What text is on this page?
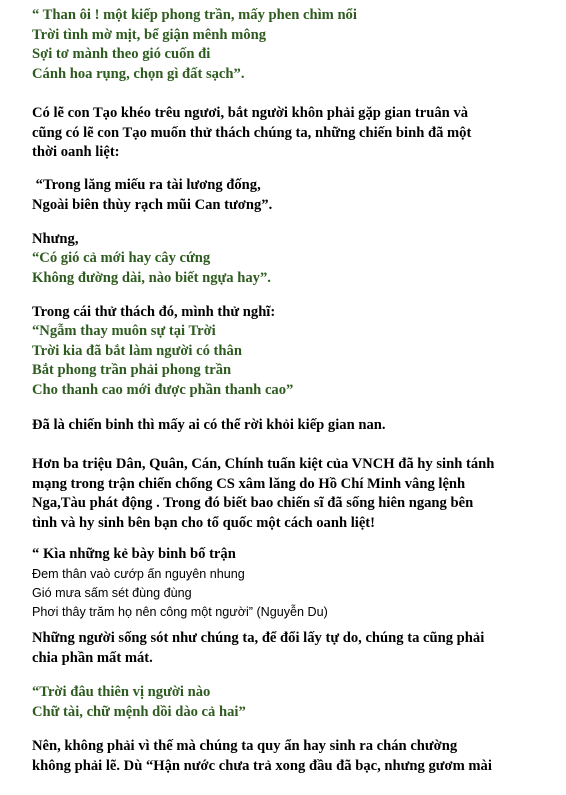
“ Than ôi ! một kiếp phong trần, mấy phen chìm nổi
Trời tình mờ mịt, bể giận mênh mông
Sợi tơ mành theo gió cuốn đi
Cánh hoa rụng, chọn gì đất sạch”.
Có lẽ con Tạo khéo trêu ngươi, bắt người khôn phải gặp gian truân và
cũng có lẽ con Tạo muốn thử thách chúng ta, những chiến binh đã một
thời oanh liệt:
“Trong lăng miếu ra tài lương đống,
Ngoài biên thùy rạch mũi Can tương”.
Nhưng,
“Có gió cả mới hay cây cứng
Không đường dài, nào biết ngựa hay”.
Trong cái thử thách đó, mình thử nghĩ:
“Ngẫm thay muôn sự tại Trời
Trời kia đã bắt làm người có thân
Bắt phong trần phải phong trần
Cho thanh cao mới được phần thanh cao”
Đã là chiến binh thì mấy ai có thể rời khỏi kiếp gian nan.
Hơn ba triệu Dân, Quân, Cán, Chính tuấn kiệt của VNCH đã hy sinh tánh
mạng trong trận chiến chống CS xâm lăng do Hồ Chí Minh vâng lệnh
Nga,Tàu phát động . Trong đó biết bao chiến sĩ đã sống hiên ngang bên
tình và hy sinh bên bạn cho tổ quốc một cách oanh liệt!
“ Kìa những kẻ bày binh bố trận
Đem thân vaò cướp ấn nguyên nhung
Gió mưa sấm sét đùng đùng
Phơi thây trăm họ nên công một người” (Nguyễn Du)
Những người sống sót như chúng ta, để đổi lấy tự do, chúng ta cũng phải
chia phần mất mát.
“Trời đâu thiên vị người nào
Chữ tài, chữ mệnh dồi dào cả hai”
Nên, không phải vì thế mà chúng ta quy ẩn hay sinh ra chán chường
không phải lẽ. Dù “Hận nước chưa trả xong đầu đã bạc, nhưng gươm mài
